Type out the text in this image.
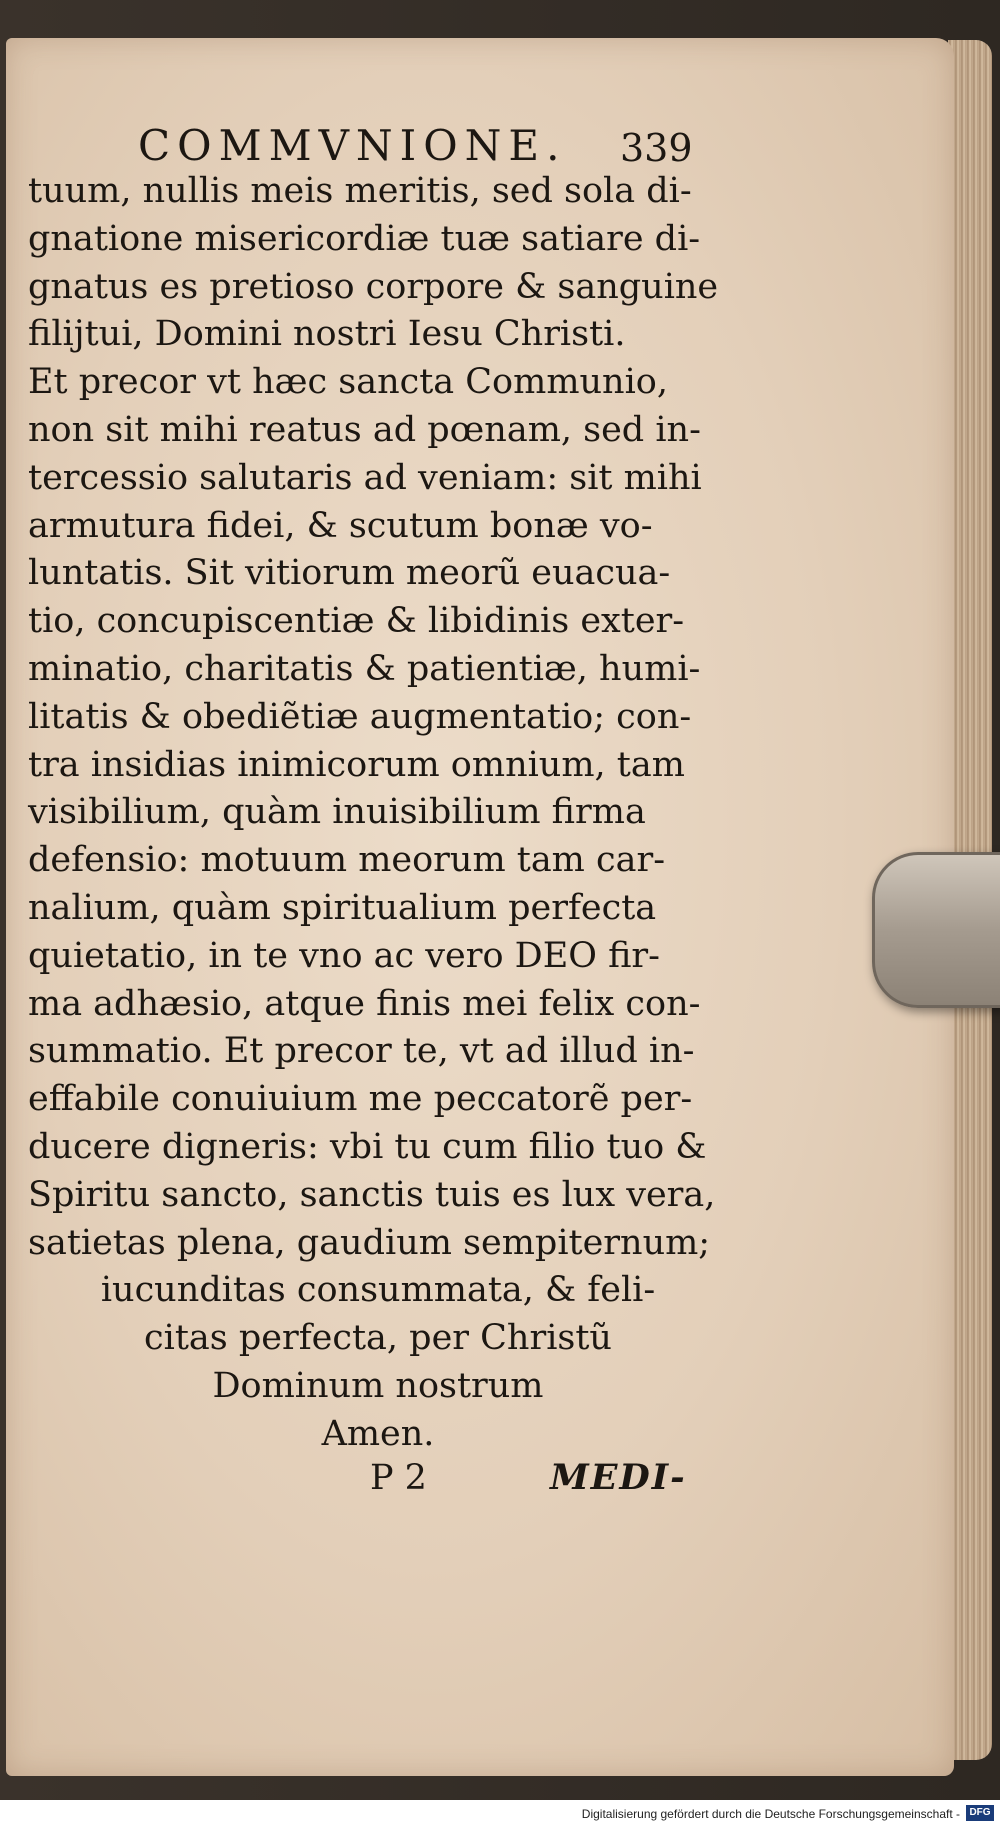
COMMVNIONE. 339
tuum, nullis meis meritis, sed sola di-
gnatione misericordiæ tuæ satiare di-
gnatus es pretioso corpore & sanguine
filijtui, Domini nostri Iesu Christi.
Et precor vt hæc sancta Communio,
non sit mihi reatus ad pœnam, sed in-
tercessio salutaris ad veniam: sit mihi
armutura fidei, & scutum bonæ vo-
luntatis. Sit vitiorum meorũ euacua-
tio, concupiscentiæ & libidinis exter-
minatio, charitatis & patientiæ, humi-
litatis & obediẽtiæ augmentatio; con-
tra insidias inimicorum omnium, tam
visibilium, quàm inuisibilium firma
defensio: motuum meorum tam car-
nalium, quàm spiritualium perfecta
quietatio, in te vno ac vero DEO fir-
ma adhæsio, atque finis mei felix con-
summatio. Et precor te, vt ad illud in-
effabile conuiuium me peccatorẽ per-
ducere digneris: vbi tu cum filio tuo &
Spiritu sancto, sanctis tuis es lux vera,
satietas plena, gaudium sempiternum;
iucunditas consummata, & feli-
citas perfecta, per Christũ
Dominum nostrum
Amen.
P 2	MEDI-
Digitalisierung gefördert durch die Deutsche Forschungsgemeinschaft - DFG
